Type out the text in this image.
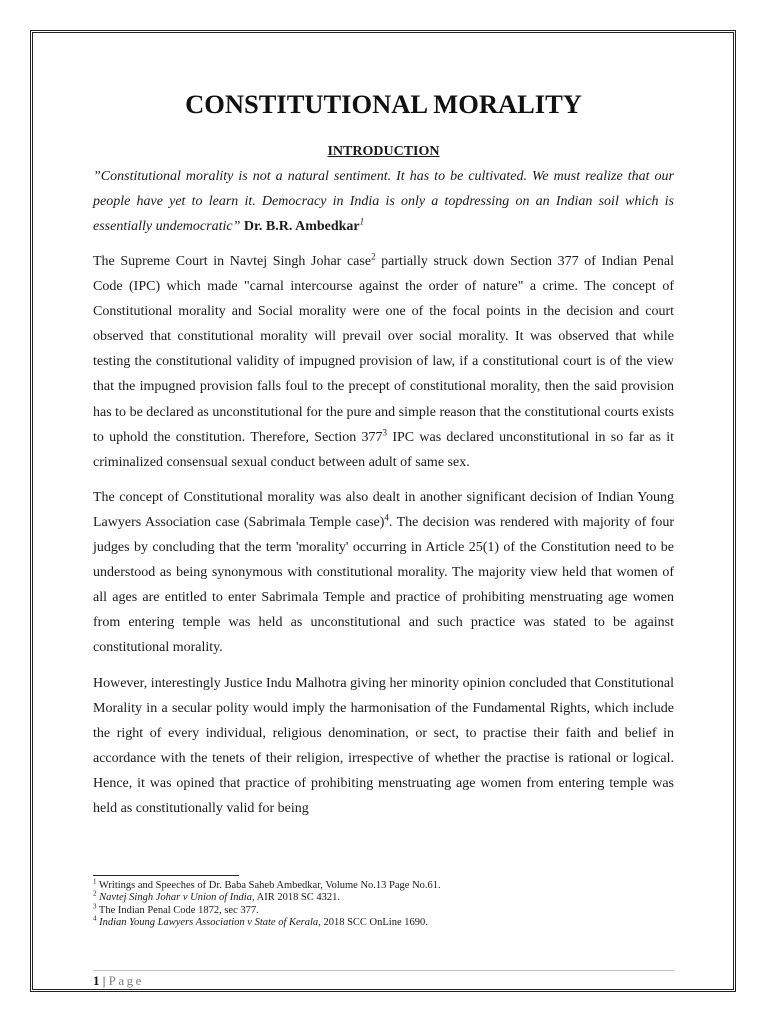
CONSTITUTIONAL MORALITY
INTRODUCTION
”Constitutional morality is not a natural sentiment. It has to be cultivated. We must realize that our people have yet to learn it. Democracy in India is only a topdressing on an Indian soil which is essentially undemocratic” Dr. B.R. Ambedkar$^1$

The Supreme Court in Navtej Singh Johar case$^2$ partially struck down Section 377 of Indian Penal Code (IPC) which made "carnal intercourse against the order of nature" a crime. The concept of Constitutional morality and Social morality were one of the focal points in the decision and court observed that constitutional morality will prevail over social morality. It was observed that while testing the constitutional validity of impugned provision of law, if a constitutional court is of the view that the impugned provision falls foul to the precept of constitutional morality, then the said provision has to be declared as unconstitutional for the pure and simple reason that the constitutional courts exists to uphold the constitution. Therefore, Section $377^3$ IPC was declared unconstitutional in so far as it criminalized consensual sexual conduct between adult of same sex.

The concept of Constitutional morality was also dealt in another significant decision of Indian Young Lawyers Association case (Sabrimala Temple case)$^4$. The decision was rendered with majority of four judges by concluding that the term 'morality' occurring in Article 25(1) of the Constitution need to be understood as being synonymous with constitutional morality. The majority view held that women of all ages are entitled to enter Sabrimala Temple and practice of prohibiting menstruating age women from entering temple was held as unconstitutional and such practice was stated to be against constitutional morality.

However, interestingly Justice Indu Malhotra giving her minority opinion concluded that Constitutional Morality in a secular polity would imply the harmonisation of the Fundamental Rights, which include the right of every individual, religious denomination, or sect, to practise their faith and belief in accordance with the tenets of their religion, irrespective of whether the practise is rational or logical. Hence, it was opined that practice of prohibiting menstruating age women from entering temple was held as constitutionally valid for being

$^1$ Writings and Speeches of Dr. Baba Saheb Ambedkar, Volume No.13 Page No.61.
$^2$ Navtej Singh Johar v Union of India, AIR 2018 SC 4321.
$^3$ The Indian Penal Code 1872, sec 377.
$^4$ Indian Young Lawyers Association v State of Kerala, 2018 SCC OnLine 1690.
1 | Page
